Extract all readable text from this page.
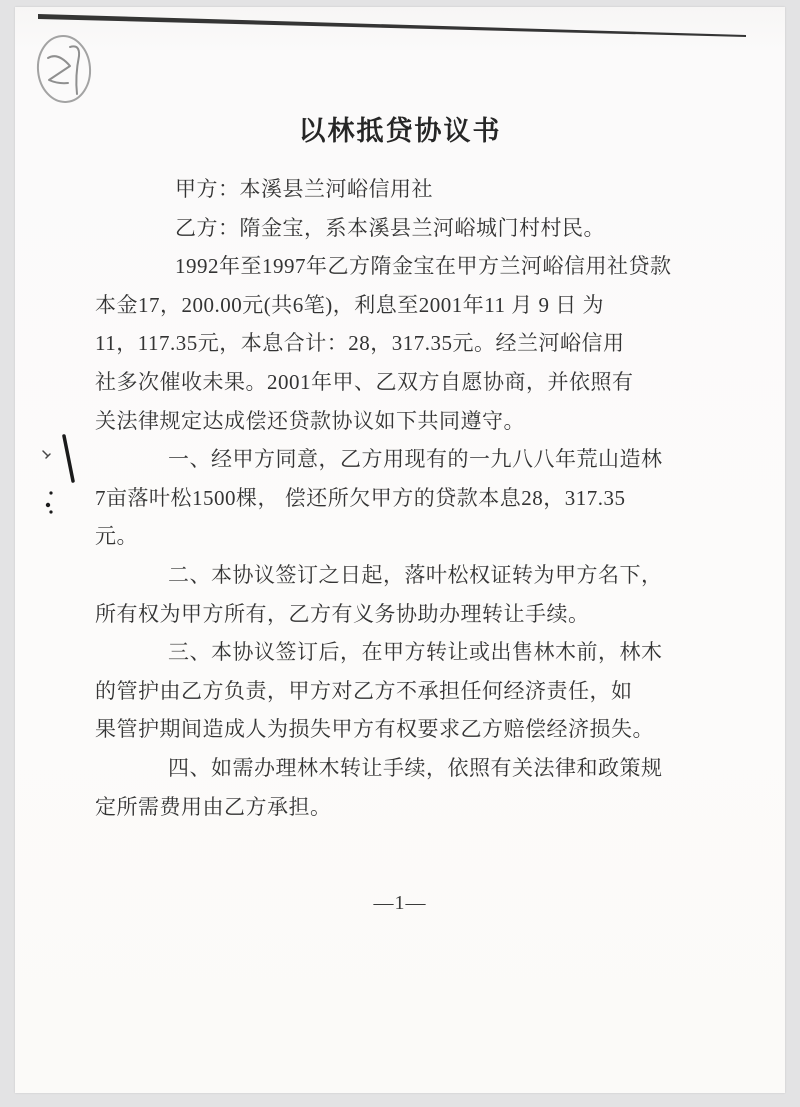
以林抵贷协议书
甲方：本溪县兰河峪信用社
乙方：隋金宝，系本溪县兰河峪城门村村民。
1992年至1997年乙方隋金宝在甲方兰河峪信用社贷款
本金17，200.00元(共6笔)，利息至2001年11 月 9 日 为
11，117.35元，本息合计：28，317.35元。经兰河峪信用
社多次催收未果。2001年甲、乙双方自愿协商，并依照有
关法律规定达成偿还贷款协议如下共同遵守。
一、经甲方同意，乙方用现有的一九八八年荒山造林
7亩落叶松1500棵， 偿还所欠甲方的贷款本息28，317.35
元。
二、本协议签订之日起，落叶松权证转为甲方名下，
所有权为甲方所有，乙方有义务协助办理转让手续。
三、本协议签订后，在甲方转让或出售林木前，林木
的管护由乙方负责，甲方对乙方不承担任何经济责任，如
果管护期间造成人为损失甲方有权要求乙方赔偿经济损失。
四、如需办理林木转让手续，依照有关法律和政策规
定所需费用由乙方承担。
—1—
